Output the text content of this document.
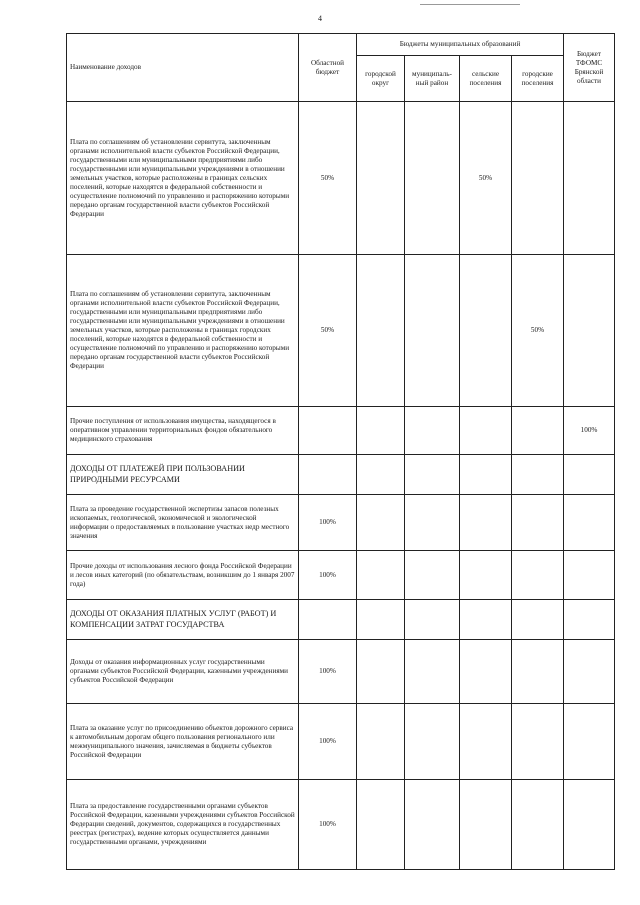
4
Наименование доходов	Областной бюджет	Бюджеты муниципальных образований				Бюджет ТФОМС Брянской области
		городской округ	муниципаль-ный район	сельские поселения	городские поселения	
Плата по соглашениям об установлении сервитута, заключенным органами исполнительной власти субъектов Российской Федерации, государственными или муниципальными предприятиями либо государственными или муниципальными учреждениями в отношении земельных участков, которые расположены в границах сельских поселений, которые находятся в федеральной собственности и осуществление полномочий по управлению и распоряжению которыми передано органам государственной власти субъектов Российской Федерации	50%			50%		
Плата по соглашениям об установлении сервитута, заключенным органами исполнительной власти субъектов Российской Федерации, государственными или муниципальными предприятиями либо государственными или муниципальными учреждениями в отношении земельных участков, которые расположены в границах городских поселений, которые находятся в федеральной собственности и осуществление полномочий по управлению и распоряжению которыми передано органам государственной власти субъектов Российской Федерации	50%				50%	
Прочие поступления от использования имущества, находящегося в оперативном управлении территориальных фондов обязательного медицинского страхования						100%
ДОХОДЫ ОТ ПЛАТЕЖЕЙ ПРИ ПОЛЬЗОВАНИИ ПРИРОДНЫМИ РЕСУРСАМИ						
Плата за проведение государственной экспертизы запасов полезных ископаемых, геологической, экономической и экологической информации о предоставляемых в пользование участках недр местного значения	100%					
Прочие доходы от использования лесного фонда Российской Федерации и лесов иных категорий (по обязательствам, возникшим до 1 января 2007 года)	100%					
ДОХОДЫ ОТ ОКАЗАНИЯ ПЛАТНЫХ УСЛУГ (РАБОТ) И КОМПЕНСАЦИИ ЗАТРАТ ГОСУДАРСТВА						
Доходы от оказания информационных услуг государственными органами субъектов Российской Федерации, казенными учреждениями субъектов Российской Федерации	100%					
Плата за оказание услуг по присоединению объектов дорожного сервиса к автомобильным дорогам общего пользования регионального или межмуниципального значения, зачисляемая в бюджеты субъектов Российской Федерации	100%					
Плата за предоставление государственными органами субъектов Российской Федерации, казенными учреждениями субъектов Российской Федерации сведений, документов, содержащихся в государственных реестрах (регистрах), ведение которых осуществляется данными государственными органами, учреждениями	100%					
